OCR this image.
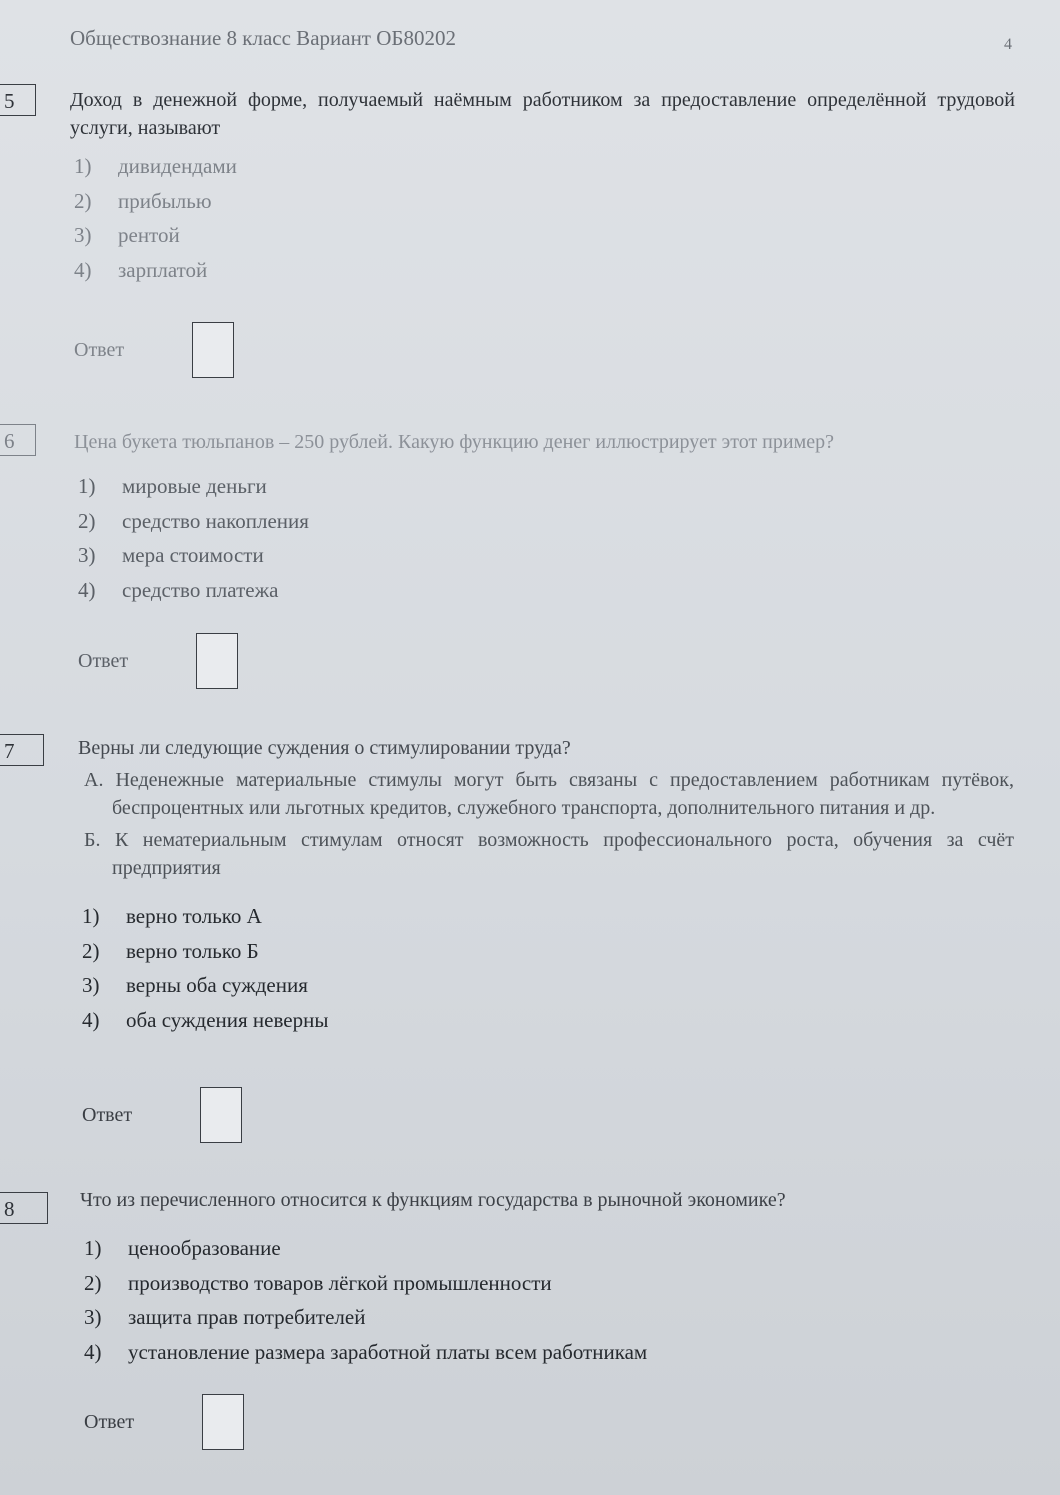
Обществознание 8 класс Вариант ОБ80202	4
5	Доход в денежной форме, получаемый наёмным работником за предоставление определённой трудовой услуги, называют
1)	дивидендами
2)	прибылью
3)	рентой
4)	зарплатой
Ответ
6	Цена букета тюльпанов – 250 рублей. Какую функцию денег иллюстрирует этот пример?
1)	мировые деньги
2)	средство накопления
3)	мера стоимости
4)	средство платежа
Ответ
7	Верны ли следующие суждения о стимулировании труда?
А. Неденежные материальные стимулы могут быть связаны с предоставлением работникам путёвок, беспроцентных или льготных кредитов, служебного транспорта, дополнительного питания и др.
Б. К нематериальным стимулам относят возможность профессионального роста, обучения за счёт предприятия
1)	верно только А
2)	верно только Б
3)	верны оба суждения
4)	оба суждения неверны
Ответ
8	Что из перечисленного относится к функциям государства в рыночной экономике?
1)	ценообразование
2)	производство товаров лёгкой промышленности
3)	защита прав потребителей
4)	установление размера заработной платы всем работникам
Ответ
